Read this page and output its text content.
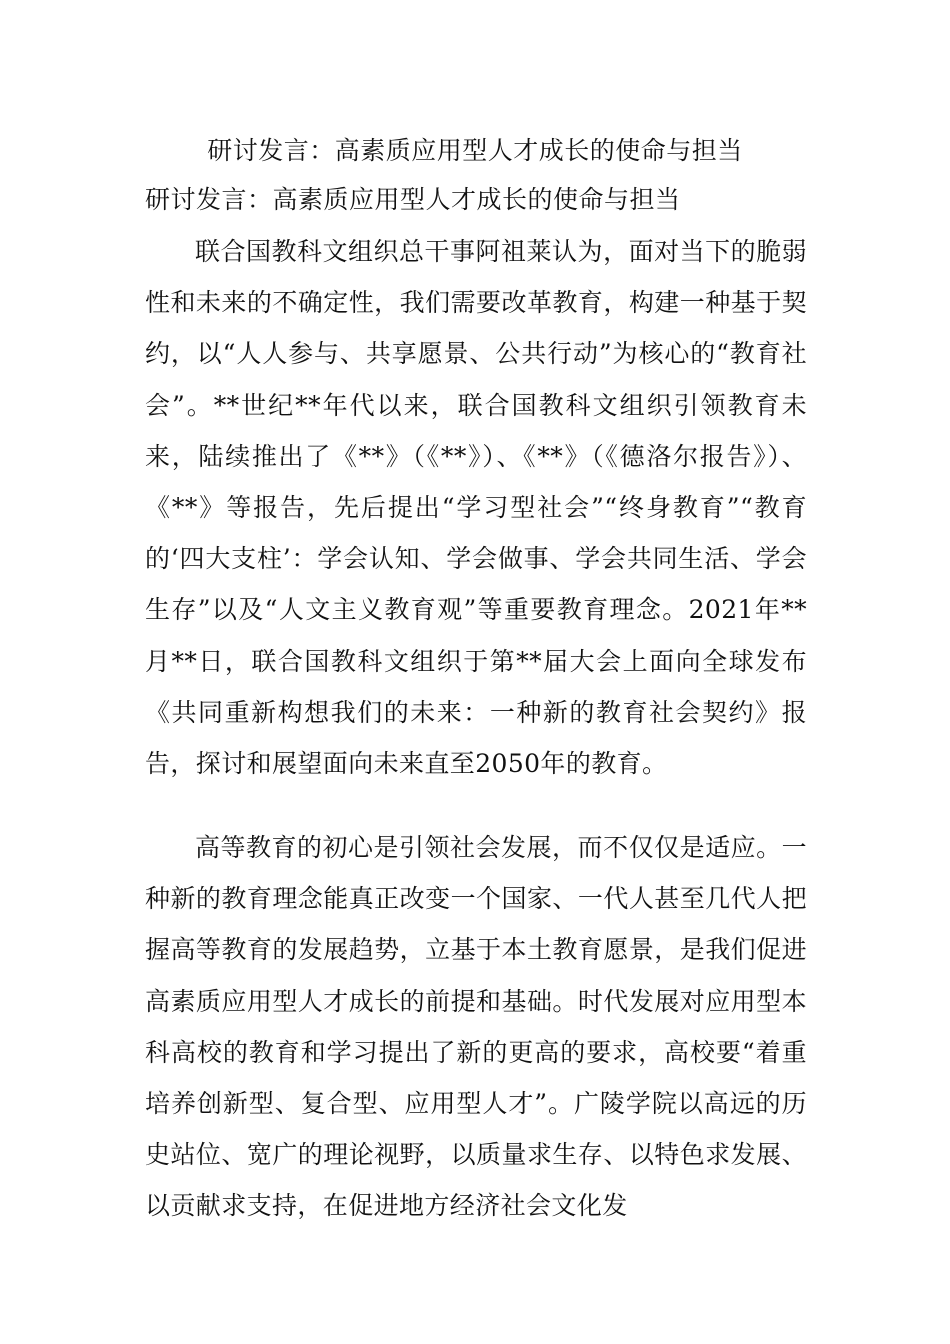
研讨发言：高素质应用型人才成长的使命与担当
研讨发言：高素质应用型人才成长的使命与担当

联合国教科文组织总干事阿祖莱认为，面对当下的脆弱性和未来的不确定性，我们需要改革教育，构建一种基于契约，以“人人参与、共享愿景、公共行动”为核心的“教育社会”。**世纪**年代以来，联合国教科文组织引领教育未来，陆续推出了《**》（《**》）、《**》（《德洛尔报告》）、《**》等报告，先后提出“学习型社会”“终身教育”“教育的‘四大支柱’：学会认知、学会做事、学会共同生活、学会生存”以及“人文主义教育观”等重要教育理念。2021年**月**日，联合国教科文组织于第**届大会上面向全球发布《共同重新构想我们的未来：一种新的教育社会契约》报告，探讨和展望面向未来直至2050年的教育。

高等教育的初心是引领社会发展，而不仅仅是适应。一种新的教育理念能真正改变一个国家、一代人甚至几代人把握高等教育的发展趋势，立基于本土教育愿景，是我们促进高素质应用型人才成长的前提和基础。时代发展对应用型本科高校的教育和学习提出了新的更高的要求，高校要“着重培养创新型、复合型、应用型人才”。广陵学院以高远的历史站位、宽广的理论视野，以质量求生存、以特色求发展、以贡献求支持，在促进地方经济社会文化发
